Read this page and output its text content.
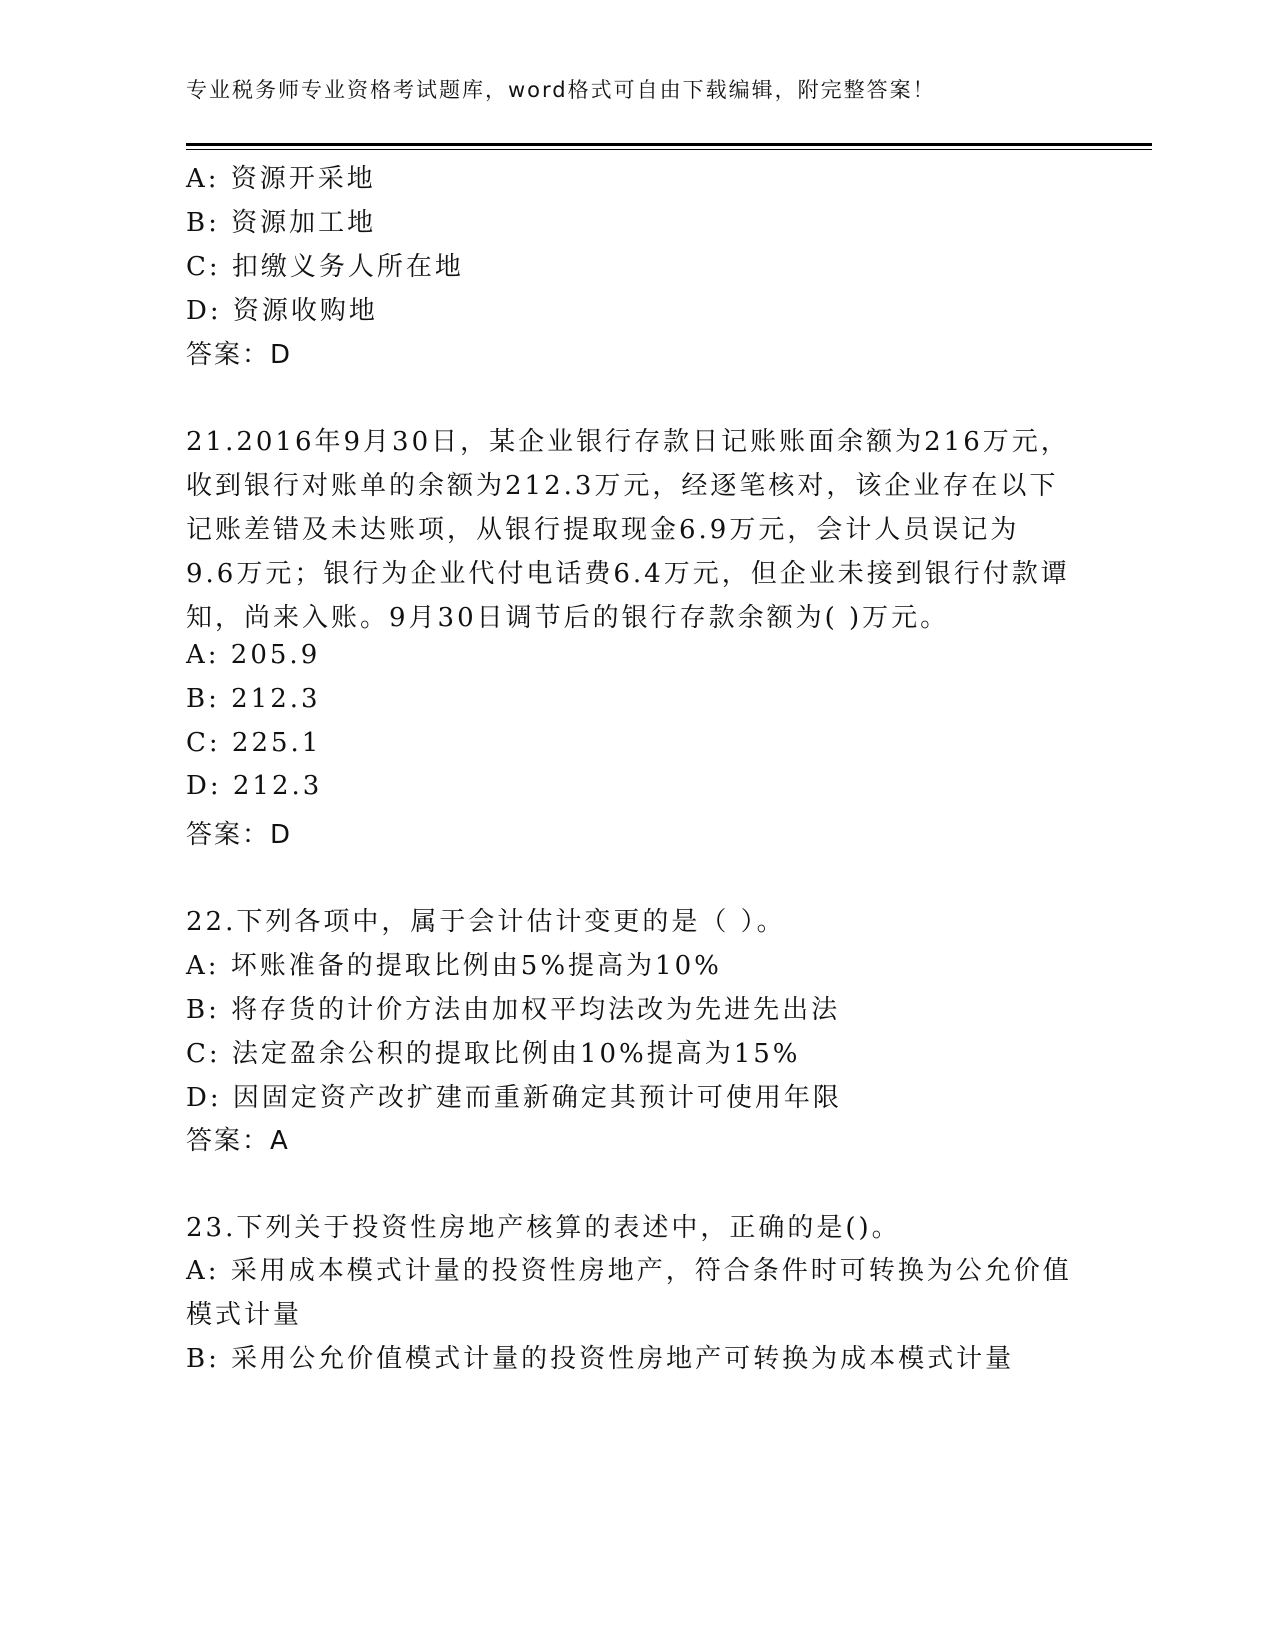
专业税务师专业资格考试题库，word格式可自由下载编辑，附完整答案！
A: 资源开采地
B: 资源加工地
C: 扣缴义务人所在地
D: 资源收购地
答案：D
21.2016年9月30日，某企业银行存款日记账账面余额为216万元，
收到银行对账单的余额为212.3万元，经逐笔核对，该企业存在以下
记账差错及未达账项，从银行提取现金6.9万元，会计人员误记为
9.6万元；银行为企业代付电话费6.4万元，但企业未接到银行付款谭
知，尚来入账。9月30日调节后的银行存款余额为( )万元。
A: 205.9
B: 212.3
C: 225.1
D: 212.3
答案：D
22.下列各项中，属于会计估计变更的是（ ）。
A: 坏账准备的提取比例由5%提高为10%
B: 将存货的计价方法由加权平均法改为先进先出法
C: 法定盈余公积的提取比例由10%提高为15%
D: 因固定资产改扩建而重新确定其预计可使用年限
答案：A
23.下列关于投资性房地产核算的表述中，正确的是()。
A: 采用成本模式计量的投资性房地产，符合条件时可转换为公允价值
模式计量
B: 采用公允价值模式计量的投资性房地产可转换为成本模式计量
